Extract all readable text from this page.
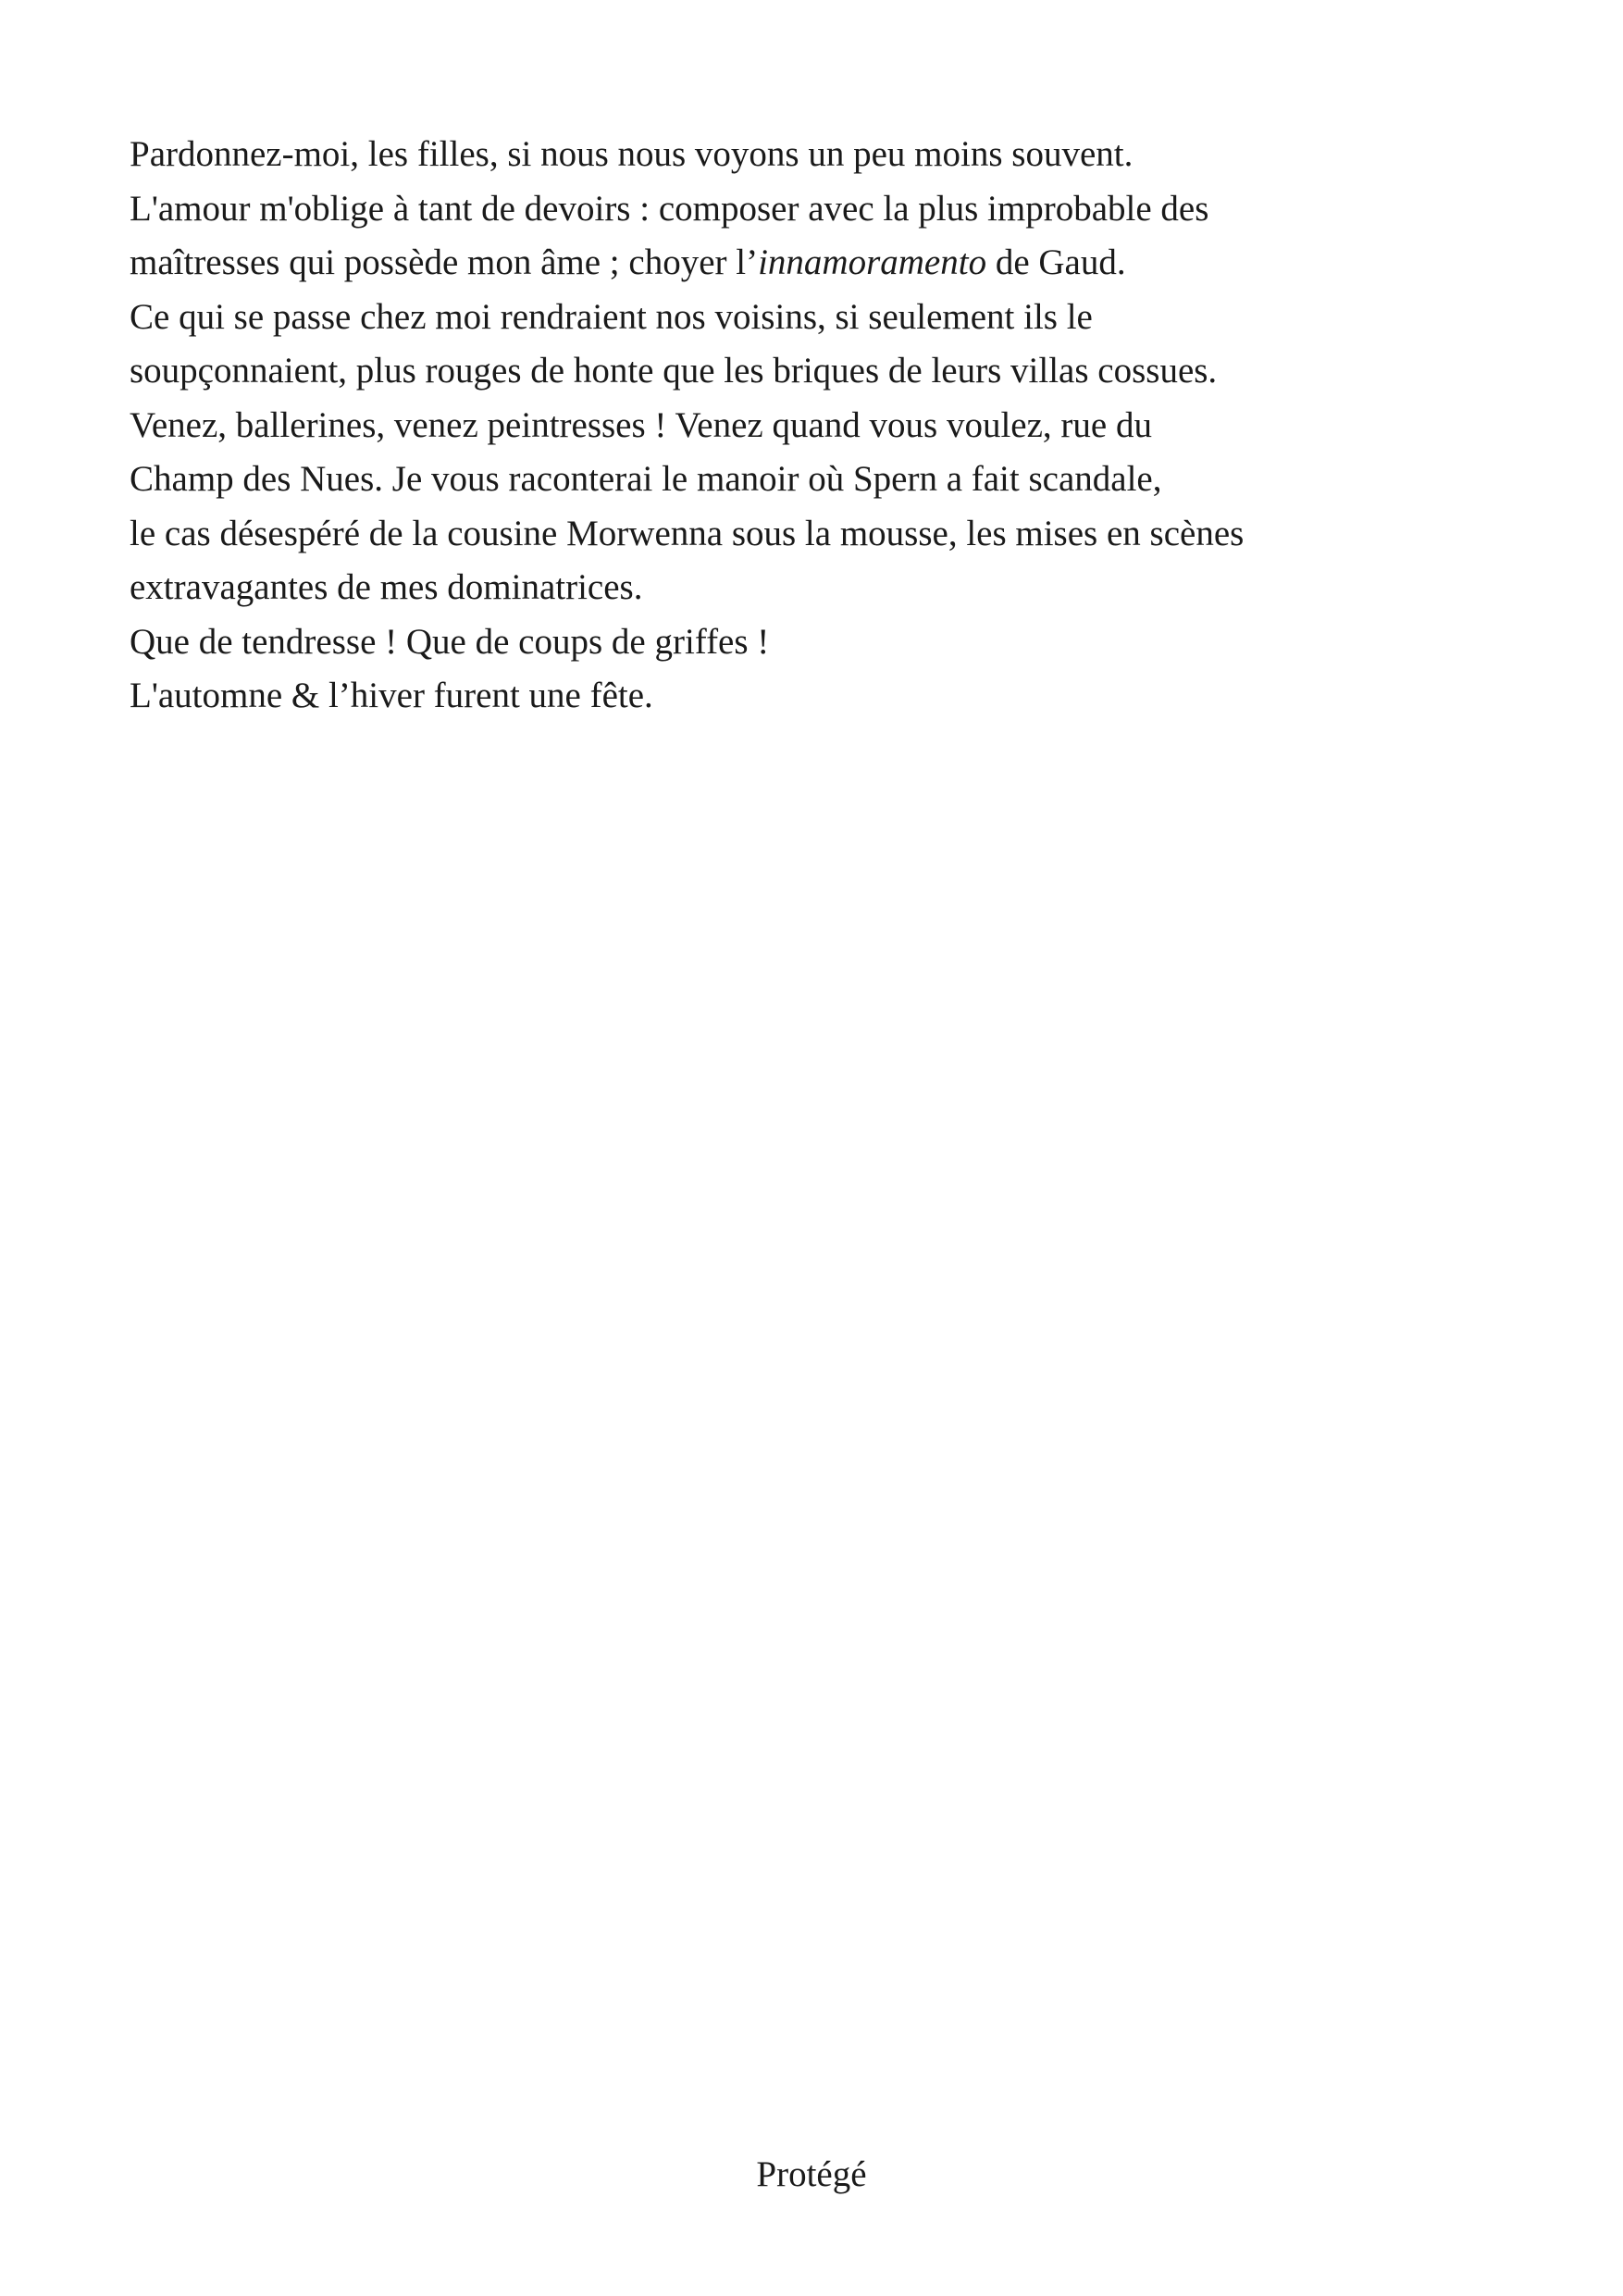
Pardonnez-moi, les filles, si nous nous voyons un peu moins souvent.
L'amour m'oblige à tant de devoirs : composer avec la plus improbable des
maîtresses qui possède mon âme ; choyer l’innamoramento de Gaud.
Ce qui se passe chez moi rendraient nos voisins, si seulement ils le
soupçonnaient, plus rouges de honte que les briques de leurs villas cossues.
Venez, ballerines, venez peintresses ! Venez quand vous voulez, rue du
Champ des Nues. Je vous raconterai le manoir où Spern a fait scandale,
le cas désespéré de la cousine Morwenna sous la mousse, les mises en scènes
extravagantes de mes dominatrices.
Que de tendresse ! Que de coups de griffes !
L'automne & l’hiver furent une fête.
Protégé
